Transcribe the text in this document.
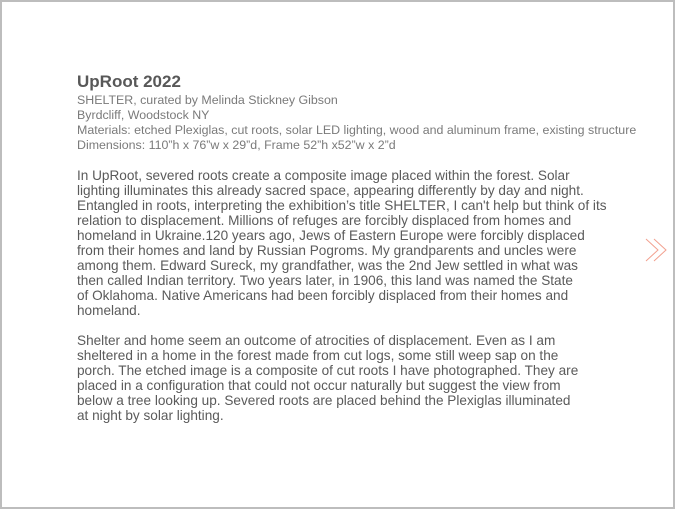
UpRoot 2022
SHELTER, curated by Melinda Stickney Gibson
Byrdcliff, Woodstock NY
Materials: etched Plexiglas, cut roots, solar LED lighting, wood and aluminum frame, existing structure
Dimensions: 110”h x 76”w x 29”d, Frame 52”h x52”w x 2”d
In UpRoot, severed roots create a composite image placed within the forest. Solar
lighting illuminates this already sacred space, appearing differently by day and night.
Entangled in roots, interpreting the exhibition’s title SHELTER, I can't help but think of its
relation to displacement. Millions of refuges are forcibly displaced from homes and
homeland in Ukraine.120 years ago, Jews of Eastern Europe were forcibly displaced
from their homes and land by Russian Pogroms. My grandparents and uncles were
among them. Edward Sureck, my grandfather, was the 2nd Jew settled in what was
then called Indian territory. Two years later, in 1906, this land was named the State
of Oklahoma. Native Americans had been forcibly displaced from their homes and
homeland.
Shelter and home seem an outcome of atrocities of displacement. Even as I am
sheltered in a home in the forest made from cut logs, some still weep sap on the
porch. The etched image is a composite of cut roots I have photographed. They are
placed in a configuration that could not occur naturally but suggest the view from
below a tree looking up. Severed roots are placed behind the Plexiglas illuminated
at night by solar lighting.
